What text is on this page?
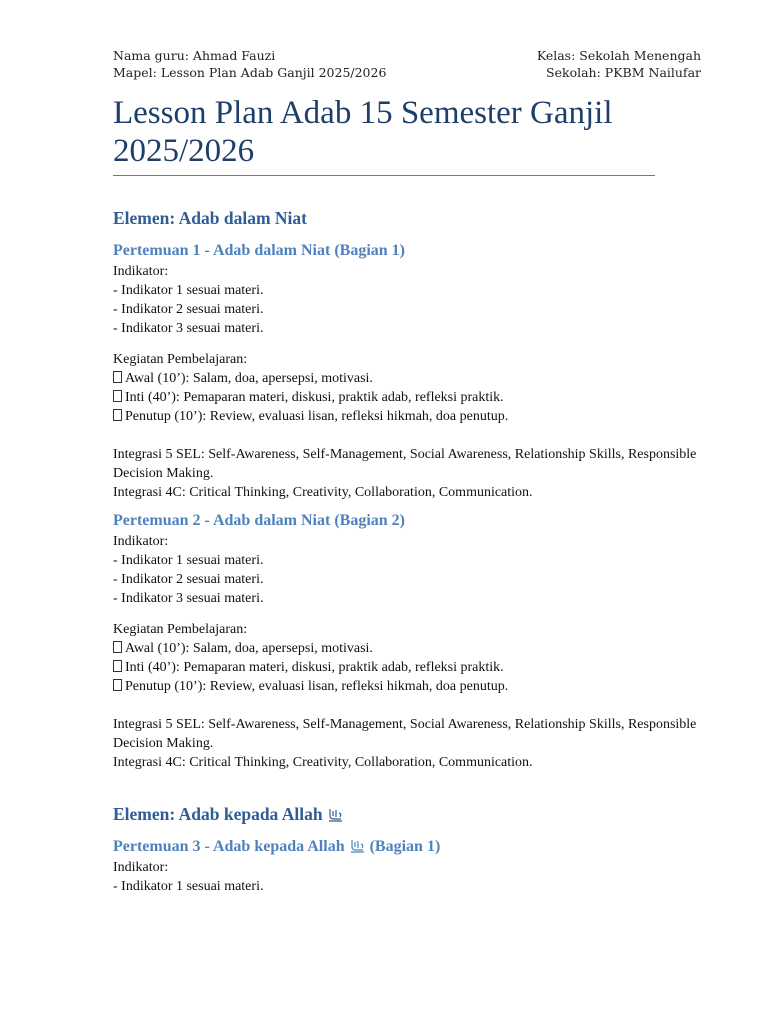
Nama guru: Ahmad Fauzi
Mapel: Lesson Plan Adab Ganjil 2025/2026
Kelas: Sekolah Menengah
Sekolah: PKBM Nailufar
Lesson Plan Adab 15 Semester Ganjil 2025/2026
Elemen: Adab dalam Niat
Pertemuan 1 - Adab dalam Niat (Bagian 1)
Indikator:
- Indikator 1 sesuai materi.
- Indikator 2 sesuai materi.
- Indikator 3 sesuai materi.
Kegiatan Pembelajaran:
Awal (10’): Salam, doa, apersepsi, motivasi.
Inti (40’): Pemaparan materi, diskusi, praktik adab, refleksi praktik.
Penutup (10’): Review, evaluasi lisan, refleksi hikmah, doa penutup.
Integrasi 5 SEL: Self-Awareness, Self-Management, Social Awareness, Relationship Skills, Responsible Decision Making.
Integrasi 4C: Critical Thinking, Creativity, Collaboration, Communication.
Pertemuan 2 - Adab dalam Niat (Bagian 2)
Indikator:
- Indikator 1 sesuai materi.
- Indikator 2 sesuai materi.
- Indikator 3 sesuai materi.
Kegiatan Pembelajaran:
Awal (10’): Salam, doa, apersepsi, motivasi.
Inti (40’): Pemaparan materi, diskusi, praktik adab, refleksi praktik.
Penutup (10’): Review, evaluasi lisan, refleksi hikmah, doa penutup.
Integrasi 5 SEL: Self-Awareness, Self-Management, Social Awareness, Relationship Skills, Responsible Decision Making.
Integrasi 4C: Critical Thinking, Creativity, Collaboration, Communication.
Elemen: Adab kepada Allah
Pertemuan 3 - Adab kepada Allah (Bagian 1)
Indikator:
- Indikator 1 sesuai materi.
